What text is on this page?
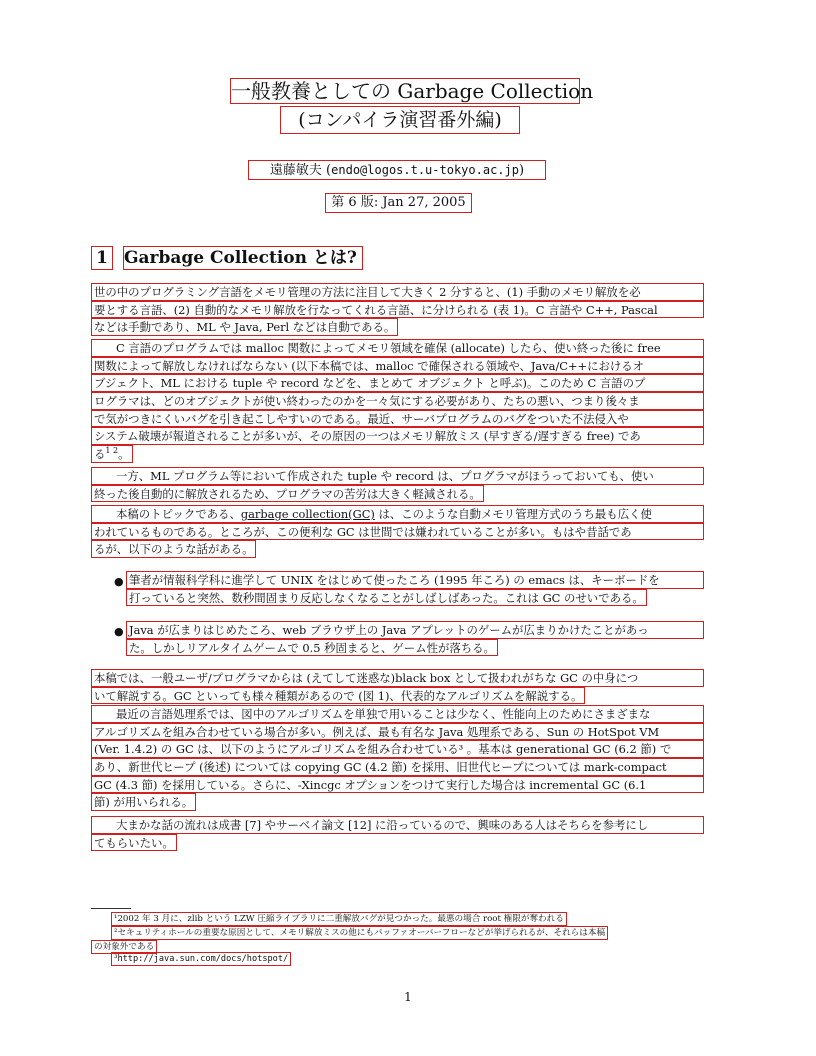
一般教養としての Garbage Collection
(コンパイラ演習番外編)
遠藤敏夫 (endo@logos.t.u-tokyo.ac.jp)
第 6 版: Jan 27, 2005
1 Garbage Collection とは?
世の中のプログラミング言語をメモリ管理の方法に注目して大きく 2 分すると、(1) 手動のメモリ解放を必
要とする言語、(2) 自動的なメモリ解放を行なってくれる言語、に分けられる (表 1)。C 言語や C++, Pascal
などは手動であり、ML や Java, Perl などは自動である。
C 言語のプログラムでは malloc 関数によってメモリ領域を確保 (allocate) したら、使い終った後に free
関数によって解放しなければならない (以下本稿では、malloc で確保される領域や、Java/C++におけるオ
ブジェクト、ML における tuple や record などを、まとめて オブジェクト と呼ぶ)。このため C 言語のプ
ログラマは、どのオブジェクトが使い終わったのかを一々気にする必要があり、たちの悪い、つまり後々ま
で気がつきにくいバグを引き起こしやすいのである。最近、サーバプログラムのバグをついた不法侵入や
システム破壊が報道されることが多いが、その原因の一つはメモリ解放ミス (早すぎる/遅すぎる free) であ
る$^{1 2}$。
一方、ML プログラム等において作成された tuple や record は、プログラマがほうっておいても、使い
終った後自動的に解放されるため、プログラマの苦労は大きく軽減される。
本稿のトピックである、garbage collection(GC) は、このような自動メモリ管理方式のうち最も広く使
われているものである。ところが、この便利な GC は世間では嫌われていることが多い。もはや昔話であ
るが、以下のような話がある。
● 筆者が情報科学科に進学して UNIX をはじめて使ったころ (1995 年ころ) の emacs は、キーボードを
打っていると突然、数秒間固まり反応しなくなることがしばしばあった。これは GC のせいである。
● Java が広まりはじめたころ、web ブラウザ上の Java アプレットのゲームが広まりかけたことがあっ
た。しかしリアルタイムゲームで 0.5 秒固まると、ゲーム性が落ちる。
本稿では、一般ユーザ/プログラマからは (えてして迷惑な)black box として扱われがちな GC の中身につ
いて解説する。GC といっても様々種類があるので (図 1)、代表的なアルゴリズムを解説する。
最近の言語処理系では、図中のアルゴリズムを単独で用いることは少なく、性能向上のためにさまざまな
アルゴリズムを組み合わせている場合が多い。例えば、最も有名な Java 処理系である、Sun の HotSpot VM
(Ver. 1.4.2) の GC は、以下のようにアルゴリズムを組み合わせている³ 。基本は generational GC (6.2 節) で
あり、新世代ヒープ (後述) については copying GC (4.2 節) を採用、旧世代ヒープについては mark-compact
GC (4.3 節) を採用している。さらに、-Xincgc オプションをつけて実行した場合は incremental GC (6.1
節) が用いられる。
大まかな話の流れは成書 [7] やサーベイ論文 [12] に沿っているので、興味のある人はそちらを参考にし
てもらいたい。
¹2002 年 3 月に、zlib という LZW 圧縮ライブラリに二重解放バグが見つかった。最悪の場合 root 権限が奪われる
²セキュリティホールの重要な原因として、メモリ解放ミスの他にもバッファオーバーフローなどが挙げられるが、それらは本稿
の対象外である
³http://java.sun.com/docs/hotspot/
1
